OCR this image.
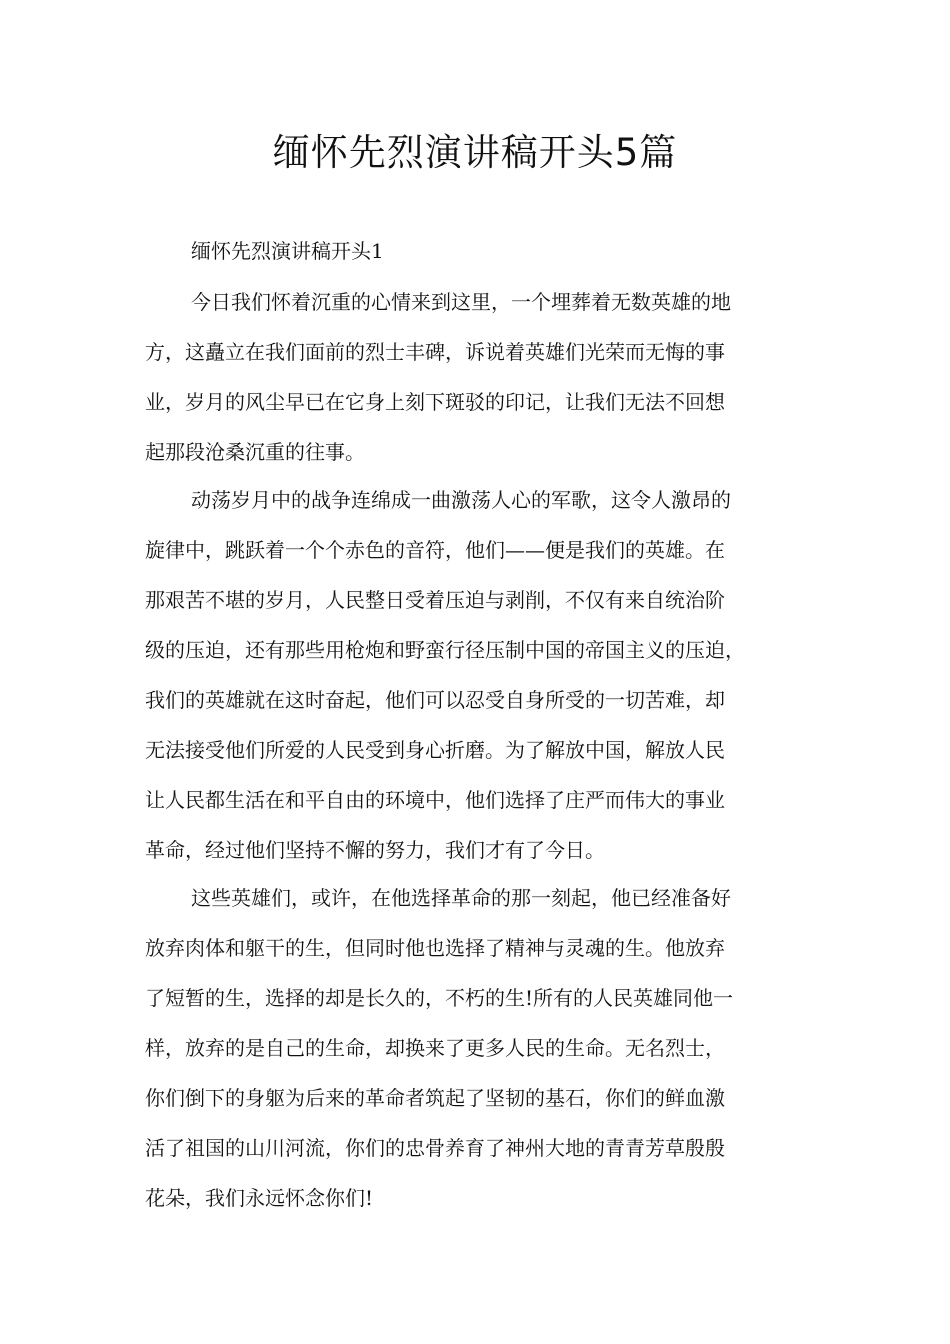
缅怀先烈演讲稿开头5篇
缅怀先烈演讲稿开头1
今日我们怀着沉重的心情来到这里，一个埋葬着无数英雄的地
方，这矗立在我们面前的烈士丰碑，诉说着英雄们光荣而无悔的事
业，岁月的风尘早已在它身上刻下斑驳的印记，让我们无法不回想
起那段沧桑沉重的往事。
动荡岁月中的战争连绵成一曲激荡人心的军歌，这令人激昂的
旋律中，跳跃着一个个赤色的音符，他们——便是我们的英雄。在
那艰苦不堪的岁月，人民整日受着压迫与剥削，不仅有来自统治阶
级的压迫，还有那些用枪炮和野蛮行径压制中国的帝国主义的压迫，
我们的英雄就在这时奋起，他们可以忍受自身所受的一切苦难，却
无法接受他们所爱的人民受到身心折磨。为了解放中国，解放人民
让人民都生活在和平自由的环境中，他们选择了庄严而伟大的事业
革命，经过他们坚持不懈的努力，我们才有了今日。
这些英雄们，或许，在他选择革命的那一刻起，他已经准备好
放弃肉体和躯干的生，但同时他也选择了精神与灵魂的生。他放弃
了短暂的生，选择的却是长久的，不朽的生!所有的人民英雄同他一
样，放弃的是自己的生命，却换来了更多人民的生命。无名烈士，
你们倒下的身躯为后来的革命者筑起了坚韧的基石，你们的鲜血激
活了祖国的山川河流，你们的忠骨养育了神州大地的青青芳草殷殷
花朵，我们永远怀念你们!
